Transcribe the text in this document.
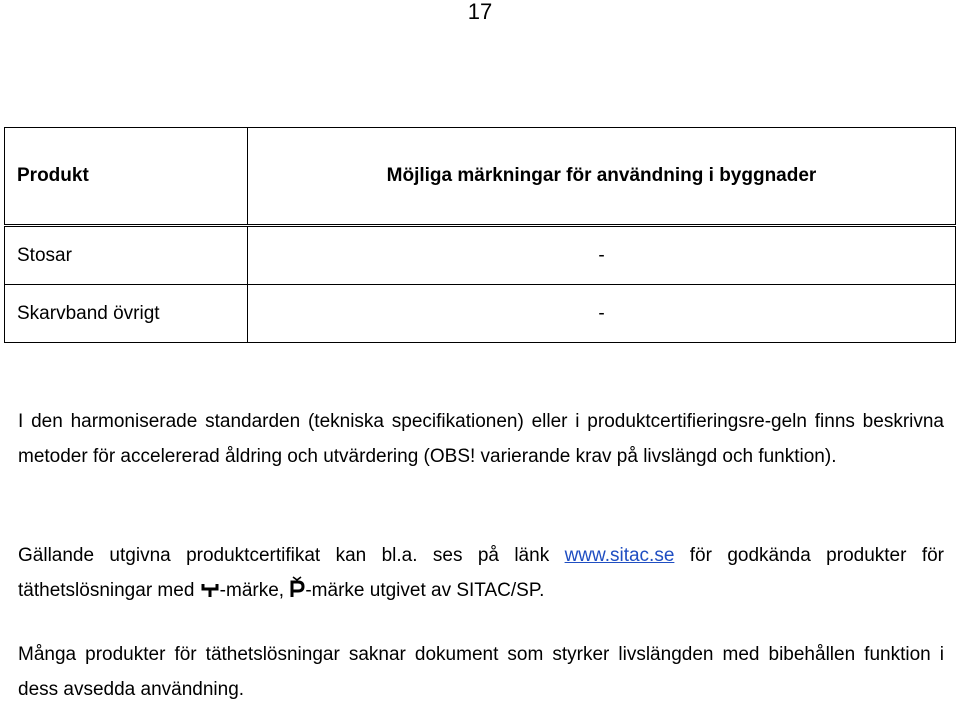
17
Produkt	Möjliga märkningar för användning i byggnader
Stosar	-
Skarvband övrigt	-

I den harmoniserade standarden (tekniska specifikationen) eller i produktcertifieringsre-geln finns beskrivna metoder för accelererad åldring och utvärdering (OBS! varierande krav på livslängd och funktion).

Gällande utgivna produktcertifikat kan bl.a. ses på länk www.sitac.se för godkända produkter för täthetslösningar med -märke, -märke utgivet av SITAC/SP.

Många produkter för täthetslösningar saknar dokument som styrker livslängden med bibehållen funktion i dess avsedda användning.
